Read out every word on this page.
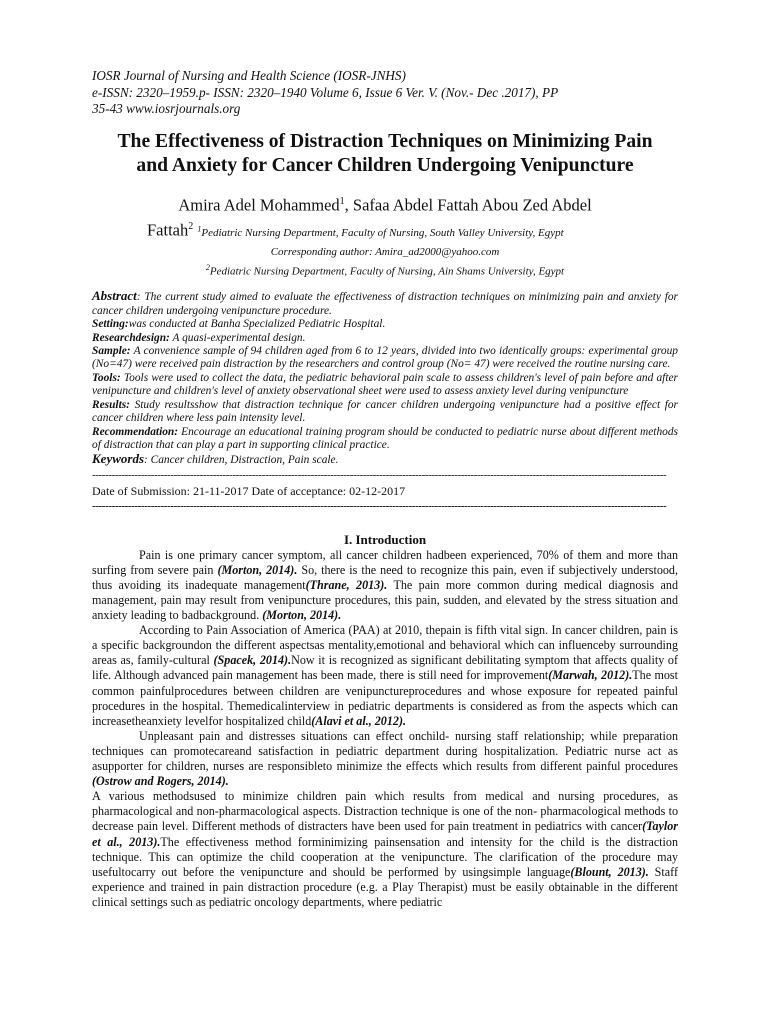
IOSR Journal of Nursing and Health Science (IOSR-JNHS)
e-ISSN: 2320–1959.p- ISSN: 2320–1940 Volume 6, Issue 6 Ver. V. (Nov.- Dec .2017), PP
35-43 www.iosrjournals.org
The Effectiveness of Distraction Techniques on Minimizing Pain
and Anxiety for Cancer Children Undergoing Venipuncture
Amira Adel Mohammed$^1$, Safaa Abdel Fattah Abou Zed Abdel
Fattah$^2$ $^1$Pediatric Nursing Department, Faculty of Nursing, South Valley University, Egypt
Corresponding author: Amira_ad2000@yahoo.com
$^2$Pediatric Nursing Department, Faculty of Nursing, Ain Shams University, Egypt

Abstract: The current study aimed to evaluate the effectiveness of distraction techniques on minimizing pain and anxiety for cancer children undergoing venipuncture procedure.

Setting:was conducted at Banha Specialized Pediatric Hospital.

Researchdesign: A quasi-experimental design.

Sample: A convenience sample of 94 children aged from 6 to 12 years, divided into two identically groups: experimental group (No=47) were received pain distraction by the researchers and control group (No= 47) were received the routine nursing care.

Tools: Tools were used to collect the data, the pediatric behavioral pain scale to assess children's level of pain before and after venipuncture and children's level of anxiety observational sheet were used to assess anxiety level during venipuncture

Results: Study resultsshow that distraction technique for cancer children undergoing venipuncture had a positive effect for cancer children where less pain intensity level.

Recommendation: Encourage an educational training program should be conducted to pediatric nurse about different methods of distraction that can play a part in supporting clinical practice.

Keywords: Cancer children, Distraction, Pain scale.

--------------------------------------------------------------------------------------------------------------------------------------------------------------------------------
Date of Submission: 21-11-2017 Date of acceptance: 02-12-2017
--------------------------------------------------------------------------------------------------------------------------------------------------------------------------------
I. Introduction

Pain is one primary cancer symptom, all cancer children hadbeen experienced, 70% of them and more than surfing from severe pain (Morton, 2014). So, there is the need to recognize this pain, even if subjectively understood, thus avoiding its inadequate management(Thrane, 2013). The pain more common during medical diagnosis and management, pain may result from venipuncture procedures, this pain, sudden, and elevated by the stress situation and anxiety leading to badbackground. (Morton, 2014).

According to Pain Association of America (PAA) at 2010, thepain is fifth vital sign. In cancer children, pain is a specific backgroundon the different aspectsas mentality,emotional and behavioral which can influenceby surrounding areas as, family-cultural (Spacek, 2014).Now it is recognized as significant debilitating symptom that affects quality of life. Although advanced pain management has been made, there is still need for improvement(Marwah, 2012).The most common painfulprocedures between children are venipunctureprocedures and whose exposure for repeated painful procedures in the hospital. Themedicalinterview in pediatric departments is considered as from the aspects which can increasetheanxiety levelfor hospitalized child(Alavi et al., 2012).

Unpleasant pain and distresses situations can effect onchild- nursing staff relationship; while preparation techniques can promotecareand satisfaction in pediatric department during hospitalization. Pediatric nurse act as asupporter for children, nurses are responsibleto minimize the effects which results from different painful procedures (Ostrow and Rogers, 2014).

A various methodsused to minimize children pain which results from medical and nursing procedures, as pharmacological and non-pharmacological aspects. Distraction technique is one of the non- pharmacological methods to decrease pain level. Different methods of distracters have been used for pain treatment in pediatrics with cancer(Taylor et al., 2013).The effectiveness method forminimizing painsensation and intensity for the child is the distraction technique. This can optimize the child cooperation at the venipuncture. The clarification of the procedure may usefultocarry out before the venipuncture and should be performed by usingsimple language(Blount, 2013). Staff experience and trained in pain distraction procedure (e.g. a Play Therapist) must be easily obtainable in the different clinical settings such as pediatric oncology departments, where pediatric
